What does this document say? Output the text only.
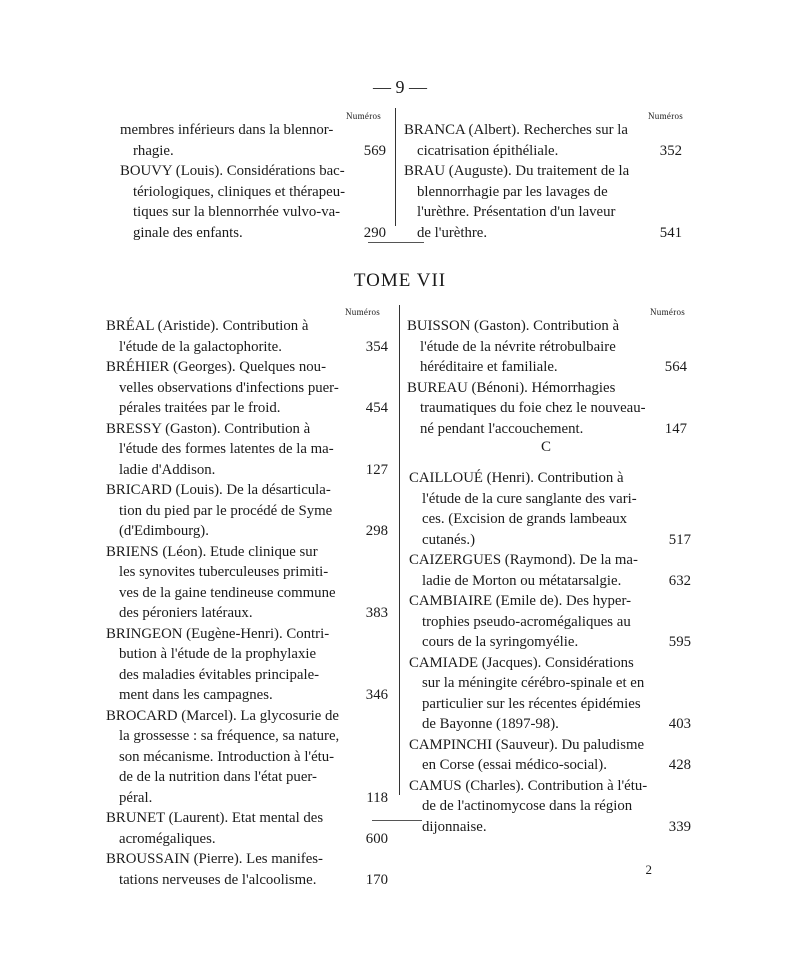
— 9 —
Numéros	Numéros
membres inférieurs dans la blennor-
rhagie.	569
BOUVY (Louis). Considérations bac-
tériologiques, cliniques et thérapeu-
tiques sur la blennorrhée vulvo-va-
ginale des enfants.	290
BRANCA (Albert). Recherches sur la
cicatrisation épithéliale.	352
BRAU (Auguste). Du traitement de la
blennorrhagie par les lavages de
l'urèthre. Présentation d'un laveur
de l'urèthre.	541
TOME VII
Numéros	Numéros
BRÉAL (Aristide). Contribution à
l'étude de la galactophorite.	354
BRÉHIER (Georges). Quelques nou-
velles observations d'infections puer-
pérales traitées par le froid.	454
BRESSY (Gaston). Contribution à
l'étude des formes latentes de la ma-
ladie d'Addison.	127
BRICARD (Louis). De la désarticula-
tion du pied par le procédé de Syme
(d'Edimbourg).	298
BRIENS (Léon). Etude clinique sur
les synovites tuberculeuses primiti-
ves de la gaine tendineuse commune
des péroniers latéraux.	383
BRINGEON (Eugène-Henri). Contri-
bution à l'étude de la prophylaxie
des maladies évitables principale-
ment dans les campagnes.	346
BROCARD (Marcel). La glycosurie de
la grossesse : sa fréquence, sa nature,
son mécanisme. Introduction à l'étu-
de de la nutrition dans l'état puer-
péral.	118
BRUNET (Laurent). Etat mental des
acromégaliques.	600
BROUSSAIN (Pierre). Les manifes-
tations nerveuses de l'alcoolisme.	170
BUISSON (Gaston). Contribution à
l'étude de la névrite rétrobulbaire
héréditaire et familiale.	564
BUREAU (Bénoni). Hémorrhagies
traumatiques du foie chez le nouveau-
né pendant l'accouchement.	147
C
CAILLOUÉ (Henri). Contribution à
l'étude de la cure sanglante des vari-
ces. (Excision de grands lambeaux
cutanés.)	517
CAIZERGUES (Raymond). De la ma-
ladie de Morton ou métatarsalgie.	632
CAMBIAIRE (Emile de). Des hyper-
trophies pseudo-acromégaliques au
cours de la syringomyélie.	595
CAMIADE (Jacques). Considérations
sur la méningite cérébro-spinale et en
particulier sur les récentes épidémies
de Bayonne (1897-98).	403
CAMPINCHI (Sauveur). Du paludisme
en Corse (essai médico-social).	428
CAMUS (Charles). Contribution à l'étu-
de de l'actinomycose dans la région
dijonnaise.	339
2
